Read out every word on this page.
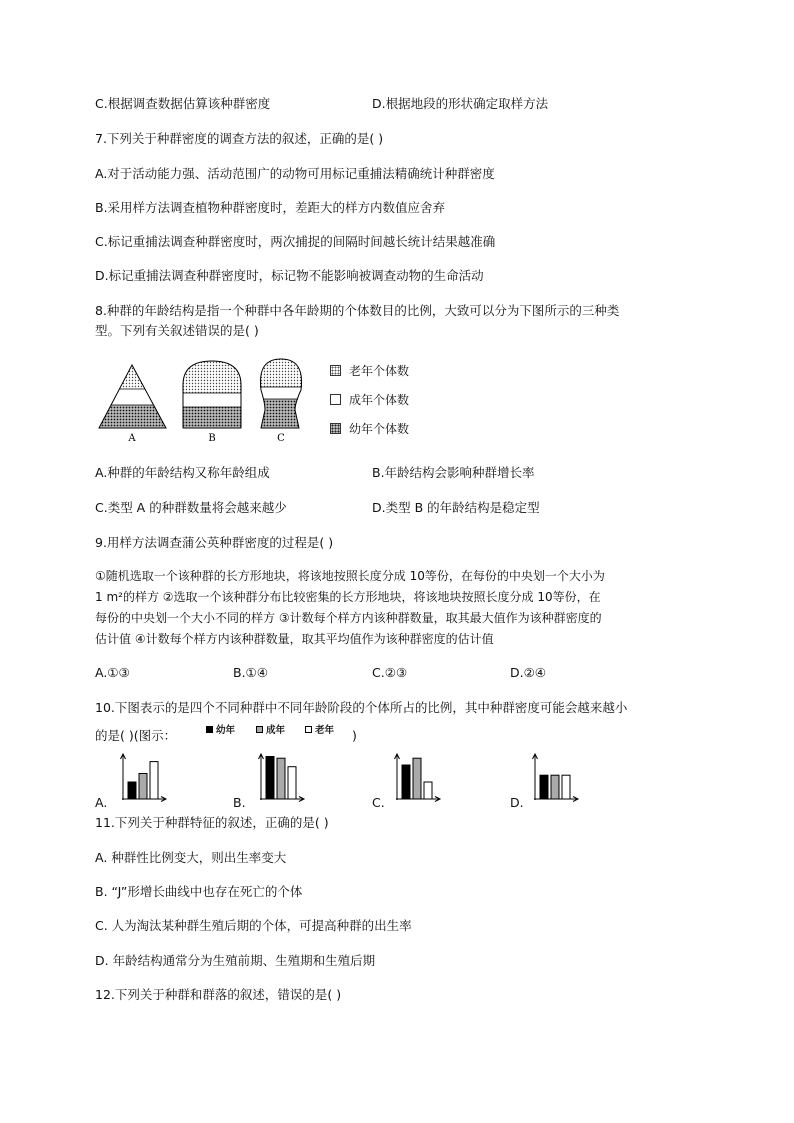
C.根据调查数据估算该种群密度	D.根据地段的形状确定取样方法
7.下列关于种群密度的调查方法的叙述，正确的是( )
A.对于活动能力强、活动范围广的动物可用标记重捕法精确统计种群密度
B.采用样方法调查植物种群密度时，差距大的样方内数值应舍弃
C.标记重捕法调查种群密度时，两次捕捉的间隔时间越长统计结果越准确
D.标记重捕法调查种群密度时，标记物不能影响被调查动物的生命活动
8.种群的年龄结构是指一个种群中各年龄期的个体数目的比例，大致可以分为下图所示的三种类
型。下列有关叙述错误的是( )
A	B	C
老年个体数
成年个体数
幼年个体数
A.种群的年龄结构又称年龄组成	B.年龄结构会影响种群增长率
C.类型 A 的种群数量将会越来越少	D.类型 B 的年龄结构是稳定型
9.用样方法调查蒲公英种群密度的过程是( )
①随机选取一个该种群的长方形地块，将该地按照长度分成 10等份，在每份的中央划一个大小为
1 m²的样方 ②选取一个该种群分布比较密集的长方形地块，将该地块按照长度分成 10等份，在
每份的中央划一个大小不同的样方 ③计数每个样方内该种群数量，取其最大值作为该种群密度的
估计值 ④计数每个样方内该种群数量，取其平均值作为该种群密度的估计值
A.①③	B.①④	C.②③	D.②④
10.下图表示的是四个不同种群中不同年龄阶段的个体所占的比例，其中种群密度可能会越来越小
的是( )(图示：	幼年	成年	老年 )
A.	B.	C.	D.
11.下列关于种群特征的叙述，正确的是( )
A. 种群性比例变大，则出生率变大
B. “J”形增长曲线中也存在死亡的个体
C. 人为淘汰某种群生殖后期的个体，可提高种群的出生率
D. 年龄结构通常分为生殖前期、生殖期和生殖后期
12.下列关于种群和群落的叙述，错误的是( )
